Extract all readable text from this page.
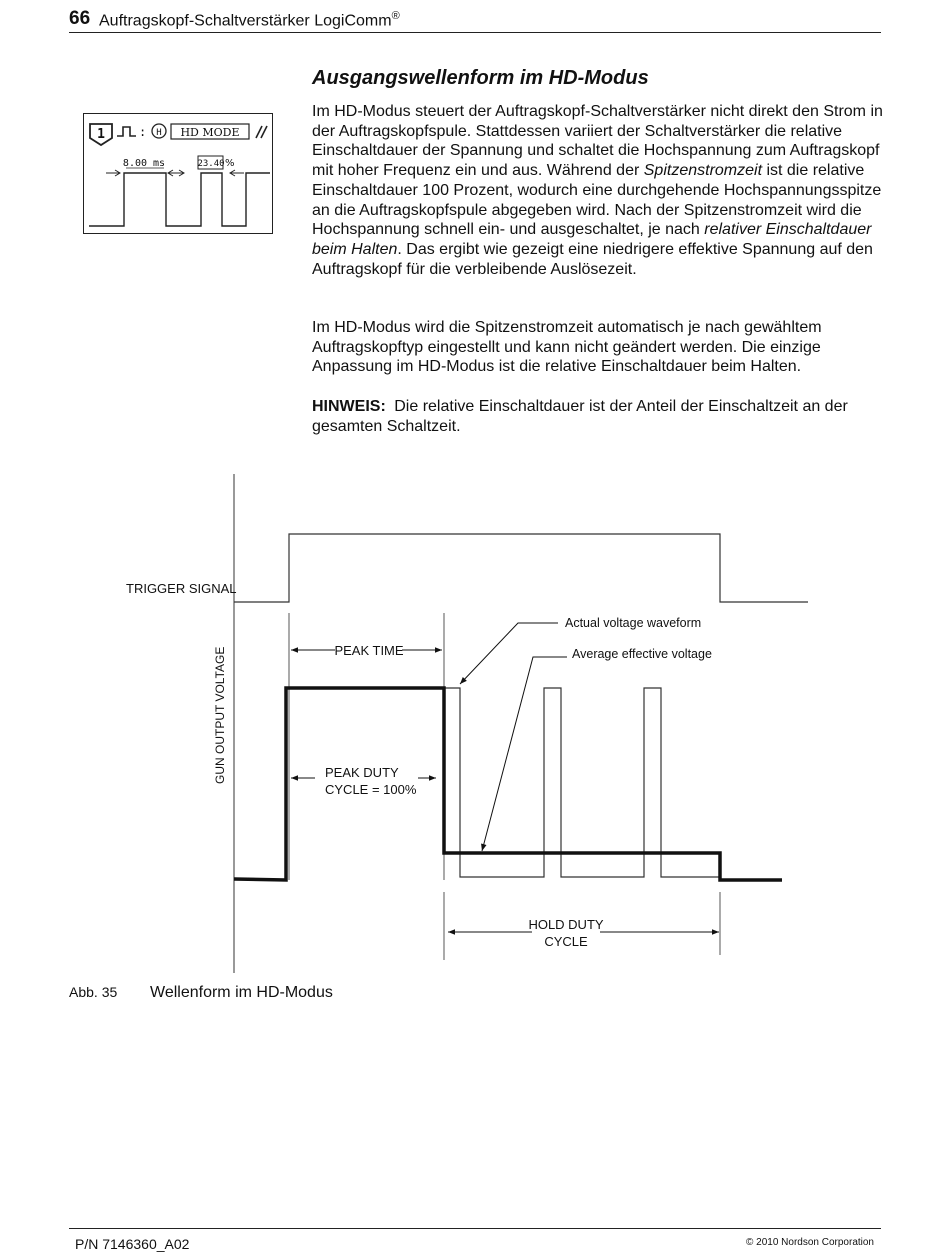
66 Auftragskopf-Schaltverstärker LogiComm®
1	: H HD MODE
8.00 ms	23.40 %
Ausgangswellenform im HD-Modus
Im HD-Modus steuert der Auftragskopf-Schaltverstärker nicht direkt den Strom in der Auftragskopfspule. Stattdessen variiert der Schaltverstärker die relative Einschaltdauer der Spannung und schaltet die Hochspannung zum Auftragskopf mit hoher Frequenz ein und aus. Während der Spitzenstromzeit ist die relative Einschaltdauer 100 Prozent, wodurch eine durchgehende Hochspannungsspitze an die Auftragskopfspule abgegeben wird. Nach der Spitzenstromzeit wird die Hochspannung schnell ein- und ausgeschaltet, je nach relativer Einschaltdauer beim Halten. Das ergibt wie gezeigt eine niedrigere effektive Spannung auf den Auftragskopf für die verbleibende Auslösezeit.
Im HD-Modus wird die Spitzenstromzeit automatisch je nach gewähltem Auftragskopftyp eingestellt und kann nicht geändert werden. Die einzige Anpassung im HD-Modus ist die relative Einschaltdauer beim Halten.
HINWEIS: Die relative Einschaltdauer ist der Anteil der Einschaltzeit an der gesamten Schaltzeit.
TRIGGER SIGNAL
GUN OUTPUT VOLTAGE	PEAK TIME
PEAK DUTY
CYCLE = 100%
Actual voltage waveform
Average effective voltage
HOLD DUTY
CYCLE
Abb. 35 Wellenform im HD-Modus
P/N 7146360_A02	© 2010 Nordson Corporation
